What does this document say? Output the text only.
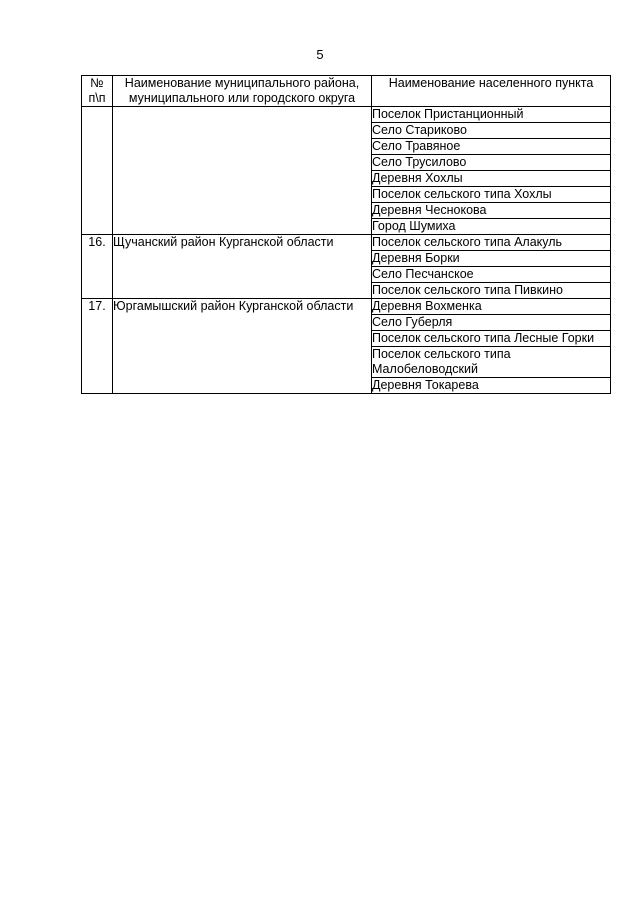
5
№
п\п	Наименование муниципального района, муниципального или городского округа	Наименование населенного пункта
		Поселок Пристанционный
		Село Стариково
		Село Травяное
		Село Трусилово
		Деревня Хохлы
		Поселок сельского типа Хохлы
		Деревня Чеснокова
		Город Шумиха
16.	Щучанский район Курганской области	Поселок сельского типа Алакуль
		Деревня Борки
		Село Песчанское
		Поселок сельского типа Пивкино
17.	Юргамышский район Курганской области	Деревня Вохменка
		Село Губерля
		Поселок сельского типа Лесные Горки
		Поселок сельского типа Малобеловодский
		Деревня Токарева
